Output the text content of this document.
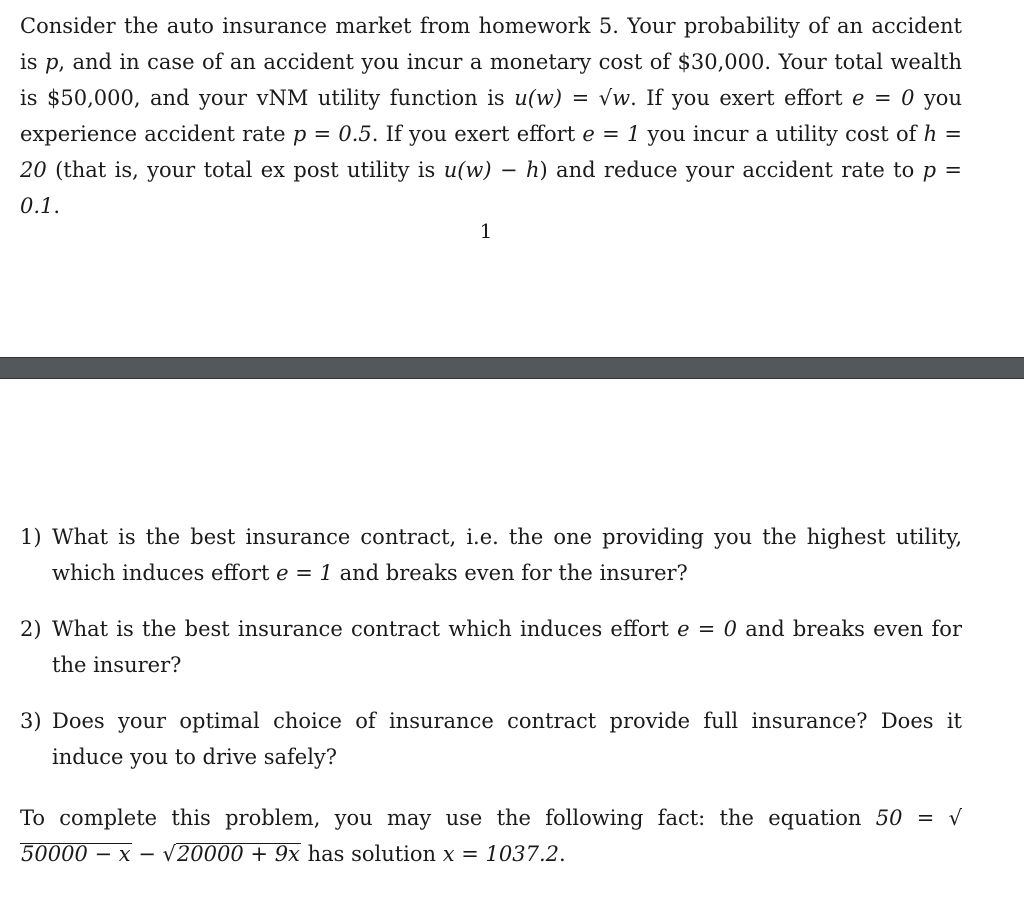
Consider the auto insurance market from homework 5. Your probability of an accident is p, and in case of an accident you incur a monetary cost of $30,000. Your total wealth is $50,000, and your vNM utility function is u(w) = √w. If you exert effort e = 0 you experience accident rate p = 0.5. If you exert effort e = 1 you incur a utility cost of h = 20 (that is, your total ex post utility is u(w) − h) and reduce your accident rate to p = 0.1.

1
1) What is the best insurance contract, i.e. the one providing you the highest utility, which induces effort e = 1 and breaks even for the insurer?
2) What is the best insurance contract which induces effort e = 0 and breaks even for the insurer?
3) Does your optimal choice of insurance contract provide full insurance? Does it induce you to drive safely?

To complete this problem, you may use the following fact: the equation 50 = √50000 − x − √20000 + 9x has solution x = 1037.2.
